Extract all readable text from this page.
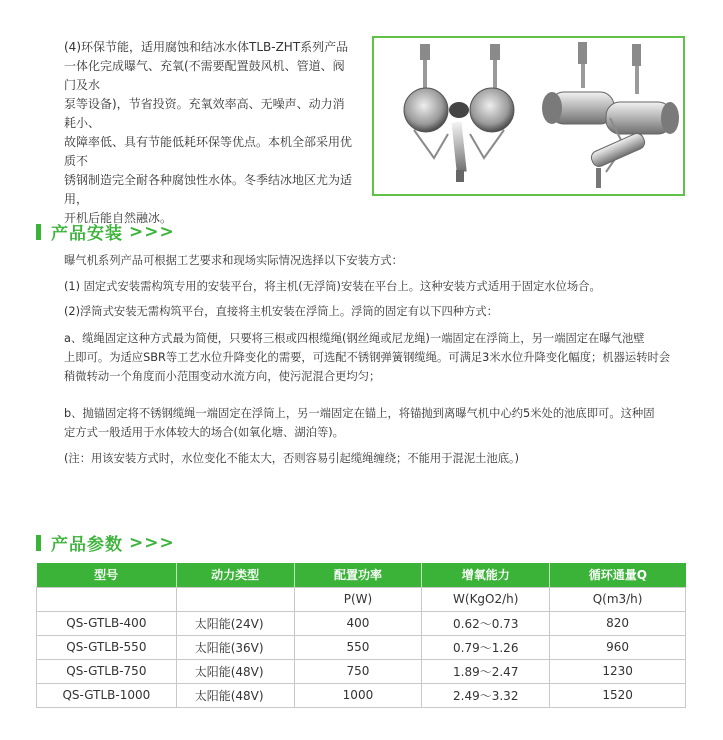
(4)环保节能，适用腐蚀和结冰水体TLB-ZHT系列产品
一体化完成曝气、充氧(不需要配置鼓风机、管道、阀门及水
泵等设备)，节省投资。充氧效率高、无噪声、动力消耗小、
故障率低、具有节能低耗环保等优点。本机全部采用优质不
锈钢制造完全耐各种腐蚀性水体。冬季结冰地区尤为适用，
开机后能自然融冰。
产品安装 >>>

曝气机系列产品可根据工艺要求和现场实际情况选择以下安装方式：

(1) 固定式安装需构筑专用的安装平台，将主机(无浮筒)安装在平台上。这种安装方式适用于固定水位场合。

(2)浮筒式安装无需构筑平台，直接将主机安装在浮筒上。浮筒的固定有以下四种方式：

a、缆绳固定这种方式最为简便，只要将三根或四根缆绳(钢丝绳或尼龙绳)一端固定在浮筒上，另一端固定在曝气池壁

上即可。为适应SBR等工艺水位升降变化的需要，可选配不锈钢弹簧钢缆绳。可满足3米水位升降变化幅度；机器运转时会

稍微转动一个角度而小范围变动水流方向，使污泥混合更均匀；

b、抛锚固定将不锈钢缆绳一端固定在浮筒上，另一端固定在锚上，将锚抛到离曝气机中心约5米处的池底即可。这种固

定方式一般适用于水体较大的场合(如氧化塘、湖泊等)。

(注：用该安装方式时，水位变化不能太大，否则容易引起缆绳缠绕；不能用于混泥土池底。)

产品参数 >>>
型号	动力类型	配置功率	增氧能力	循环通量Q
		P(W)	W(KgO2/h)	Q(m3/h)
QS-GTLB-400	太阳能(24V)	400	0.62～0.73	820
QS-GTLB-550	太阳能(36V)	550	0.79～1.26	960
QS-GTLB-750	太阳能(48V)	750	1.89～2.47	1230
QS-GTLB-1000	太阳能(48V)	1000	2.49～3.32	1520
